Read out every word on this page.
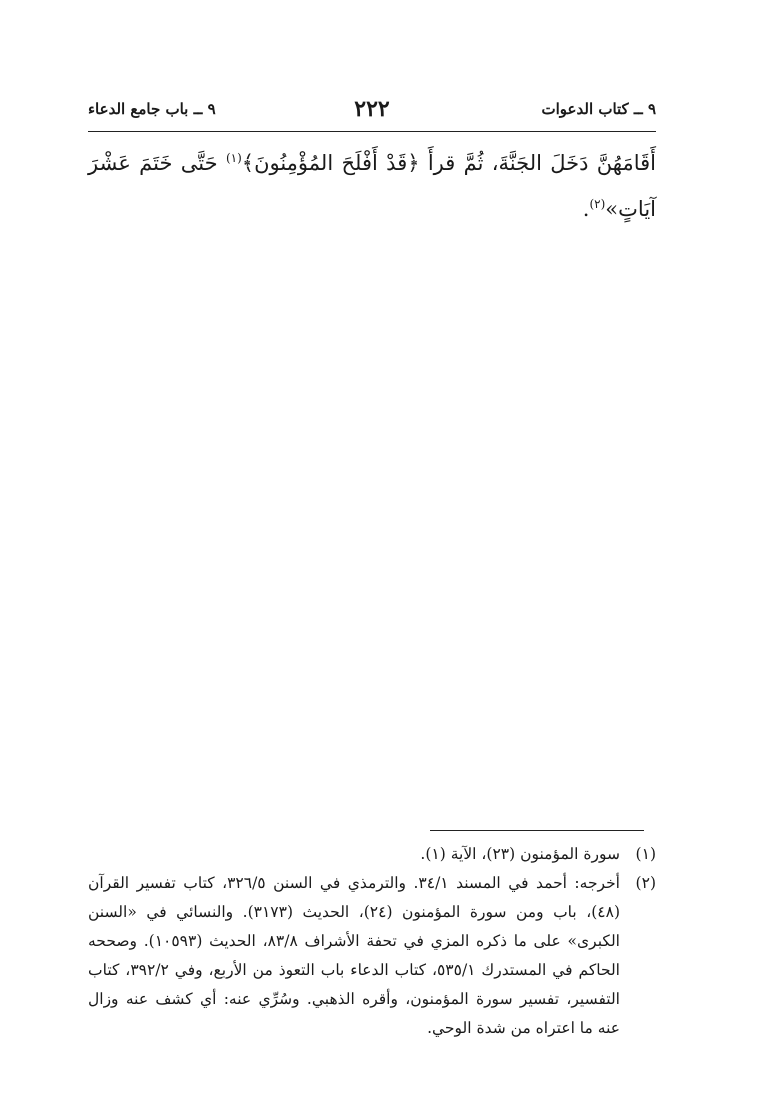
٩ ــ كتاب الدعوات
٢٢٢
٩ ــ باب جامع الدعاء
أَقَامَهُنَّ دَخَلَ الجَنَّةَ، ثُمَّ قرأَ ﴿قَدْ أَفْلَحَ المُؤْمِنُونَ﴾$^{(١)}$ حَتَّى خَتَمَ عَشْرَ آيَاتٍ»$^{(٢)}$.
(١)
سورة المؤمنون (٢٣)، الآية (١).
(٢)
أخرجه: أحمد في المسند ٣٤/١. والترمذي في السنن ٣٢٦/٥، كتاب تفسير القرآن (٤٨)، باب ومن سورة المؤمنون (٢٤)، الحديث (٣١٧٣). والنسائي في «السنن الكبرى» على ما ذكره المزي في تحفة الأشراف ٨٣/٨، الحديث (١٠٥٩٣). وصححه الحاكم في المستدرك ٥٣٥/١، كتاب الدعاء باب التعوذ من الأربع، وفي ٣٩٢/٢، كتاب التفسير، تفسير سورة المؤمنون، وأقره الذهبي. وسُرِّي عنه: أي كشف عنه وزال عنه ما اعتراه من شدة الوحي.
